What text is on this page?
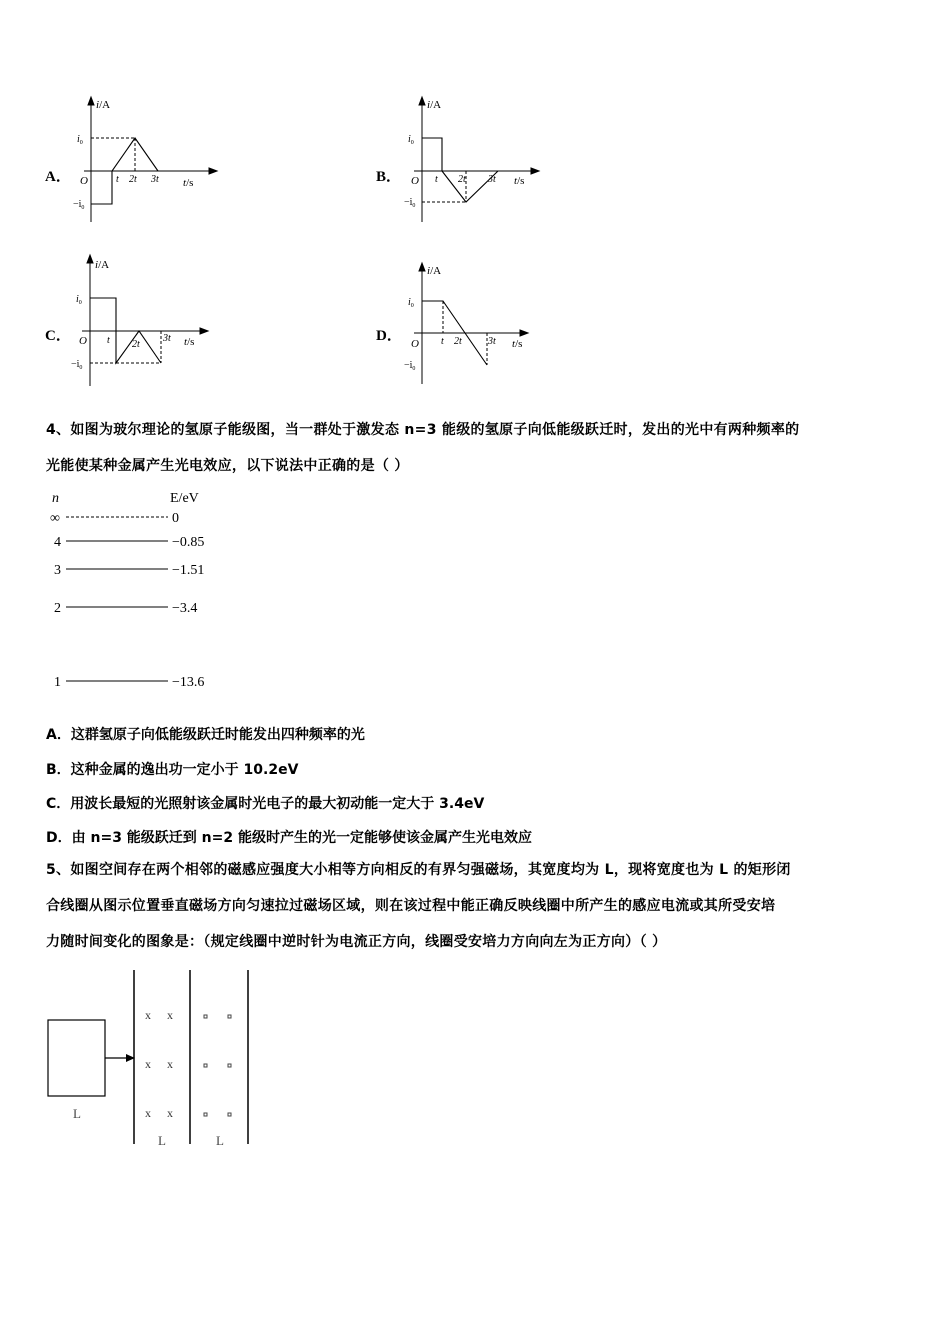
A．	B．
C．	D．
i/A
$i_0$
$-i_0$
O	t 2t 3t t/s
i/A
$i_0$
$-i_0$
O t 2t 3t t/s
i/A
$i_0$
$-i_0$
O t 2t
3t t/s
i/A
$i_0$
$-i_0$
O t 2t	3t t/s
4、如图为玻尔理论的氢原子能级图，当一群处于激发态 n=3 能级的氢原子向低能级跃迁时，发出的光中有两种频率的
光能使某种金属产生光电效应，以下说法中正确的是（ ）
n	E/eV
∞	0
4	−0.85
3	−1.51
2	−3.4
1	−13.6
A．这群氢原子向低能级跃迁时能发出四种频率的光
B．这种金属的逸出功一定小于 10.2eV
C．用波长最短的光照射该金属时光电子的最大初动能一定大于 3.4eV
D．由 n=3 能级跃迁到 n=2 能级时产生的光一定能够使该金属产生光电效应
5、如图空间存在两个相邻的磁感应强度大小相等方向相反的有界匀强磁场，其宽度均为 L，现将宽度也为 L 的矩形闭
合线圈从图示位置垂直磁场方向匀速拉过磁场区域，则在该过程中能正确反映线圈中所产生的感应电流或其所受安培
力随时间变化的图象是：（规定线圈中逆时针为电流正方向，线圈受安培力方向向左为正方向）（ ）
x x
x x
x x
L
L	L
